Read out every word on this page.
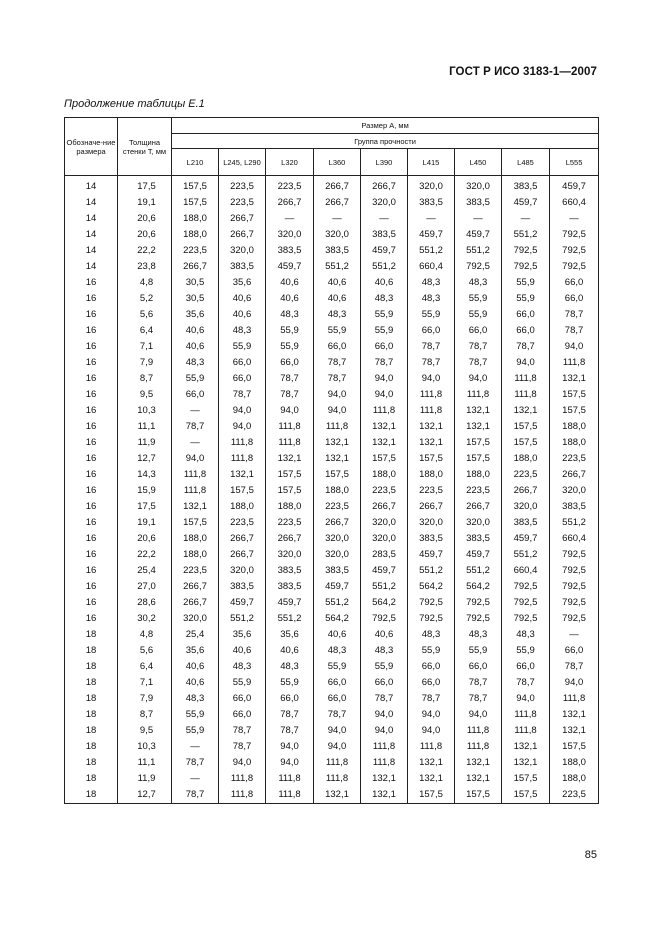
ГОСТ Р ИСО 3183-1—2007
Продолжение таблицы Е.1
Обозначе-ние размера	Толщина стенки T, мм	Размер A, мм								
		Группа прочности								
		L210	L245, L290	L320	L360	L390	L415	L450	L485	L555
14	17,5	157,5	223,5	223,5	266,7	266,7	320,0	320,0	383,5	459,7
14	19,1	157,5	223,5	266,7	266,7	320,0	383,5	383,5	459,7	660,4
14	20,6	188,0	266,7	—	—	—	—	—	—	—
14	20,6	188,0	266,7	320,0	320,0	383,5	459,7	459,7	551,2	792,5
14	22,2	223,5	320,0	383,5	383,5	459,7	551,2	551,2	792,5	792,5
14	23,8	266,7	383,5	459,7	551,2	551,2	660,4	792,5	792,5	792,5
16	4,8	30,5	35,6	40,6	40,6	40,6	48,3	48,3	55,9	66,0
16	5,2	30,5	40,6	40,6	40,6	48,3	48,3	55,9	55,9	66,0
16	5,6	35,6	40,6	48,3	48,3	55,9	55,9	55,9	66,0	78,7
16	6,4	40,6	48,3	55,9	55,9	55,9	66,0	66,0	66,0	78,7
16	7,1	40,6	55,9	55,9	66,0	66,0	78,7	78,7	78,7	94,0
16	7,9	48,3	66,0	66,0	78,7	78,7	78,7	78,7	94,0	111,8
16	8,7	55,9	66,0	78,7	78,7	94,0	94,0	94,0	111,8	132,1
16	9,5	66,0	78,7	78,7	94,0	94,0	111,8	111,8	111,8	157,5
16	10,3	—	94,0	94,0	94,0	111,8	111,8	132,1	132,1	157,5
16	11,1	78,7	94,0	111,8	111,8	132,1	132,1	132,1	157,5	188,0
16	11,9	—	111,8	111,8	132,1	132,1	132,1	157,5	157,5	188,0
16	12,7	94,0	111,8	132,1	132,1	157,5	157,5	157,5	188,0	223,5
16	14,3	111,8	132,1	157,5	157,5	188,0	188,0	188,0	223,5	266,7
16	15,9	111,8	157,5	157,5	188,0	223,5	223,5	223,5	266,7	320,0
16	17,5	132,1	188,0	188,0	223,5	266,7	266,7	266,7	320,0	383,5
16	19,1	157,5	223,5	223,5	266,7	320,0	320,0	320,0	383,5	551,2
16	20,6	188,0	266,7	266,7	320,0	320,0	383,5	383,5	459,7	660,4
16	22,2	188,0	266,7	320,0	320,0	283,5	459,7	459,7	551,2	792,5
16	25,4	223,5	320,0	383,5	383,5	459,7	551,2	551,2	660,4	792,5
16	27,0	266,7	383,5	383,5	459,7	551,2	564,2	564,2	792,5	792,5
16	28,6	266,7	459,7	459,7	551,2	564,2	792,5	792,5	792,5	792,5
16	30,2	320,0	551,2	551,2	564,2	792,5	792,5	792,5	792,5	792,5
18	4,8	25,4	35,6	35,6	40,6	40,6	48,3	48,3	48,3	—
18	5,6	35,6	40,6	40,6	48,3	48,3	55,9	55,9	55,9	66,0
18	6,4	40,6	48,3	48,3	55,9	55,9	66,0	66,0	66,0	78,7
18	7,1	40,6	55,9	55,9	66,0	66,0	66,0	78,7	78,7	94,0
18	7,9	48,3	66,0	66,0	66,0	78,7	78,7	78,7	94,0	111,8
18	8,7	55,9	66,0	78,7	78,7	94,0	94,0	94,0	111,8	132,1
18	9,5	55,9	78,7	78,7	94,0	94,0	94,0	111,8	111,8	132,1
18	10,3	—	78,7	94,0	94,0	111,8	111,8	111,8	132,1	157,5
18	11,1	78,7	94,0	94,0	111,8	111,8	132,1	132,1	132,1	188,0
18	11,9	—	111,8	111,8	111,8	132,1	132,1	132,1	157,5	188,0
18	12,7	78,7	111,8	111,8	132,1	132,1	157,5	157,5	157,5	223,5
85
